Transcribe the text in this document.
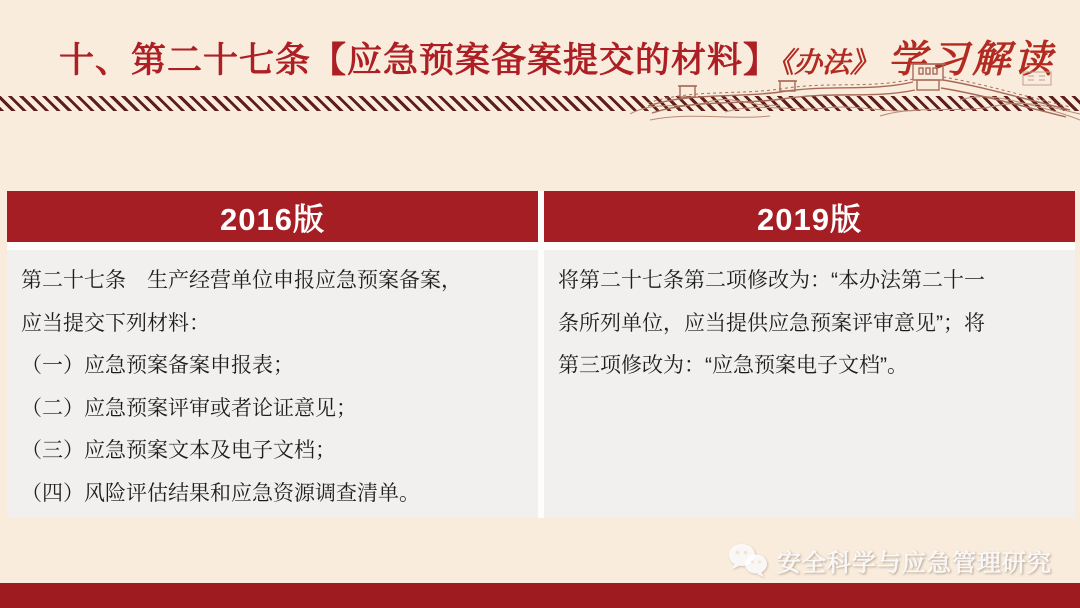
十、第二十七条【应急预案备案提交的材料】
《办法》 学习解读
2016版	2019版
第二十七条　生产经营单位申报应急预案备案，
应当提交下列材料：
（一）应急预案备案申报表；
（二）应急预案评审或者论证意见；
（三）应急预案文本及电子文档；
（四）风险评估结果和应急资源调查清单。
将第二十七条第二项修改为：“本办法第二十一
条所列单位，应当提供应急预案评审意见”；将
第三项修改为：“应急预案电子文档”。
安全科学与应急管理研究
